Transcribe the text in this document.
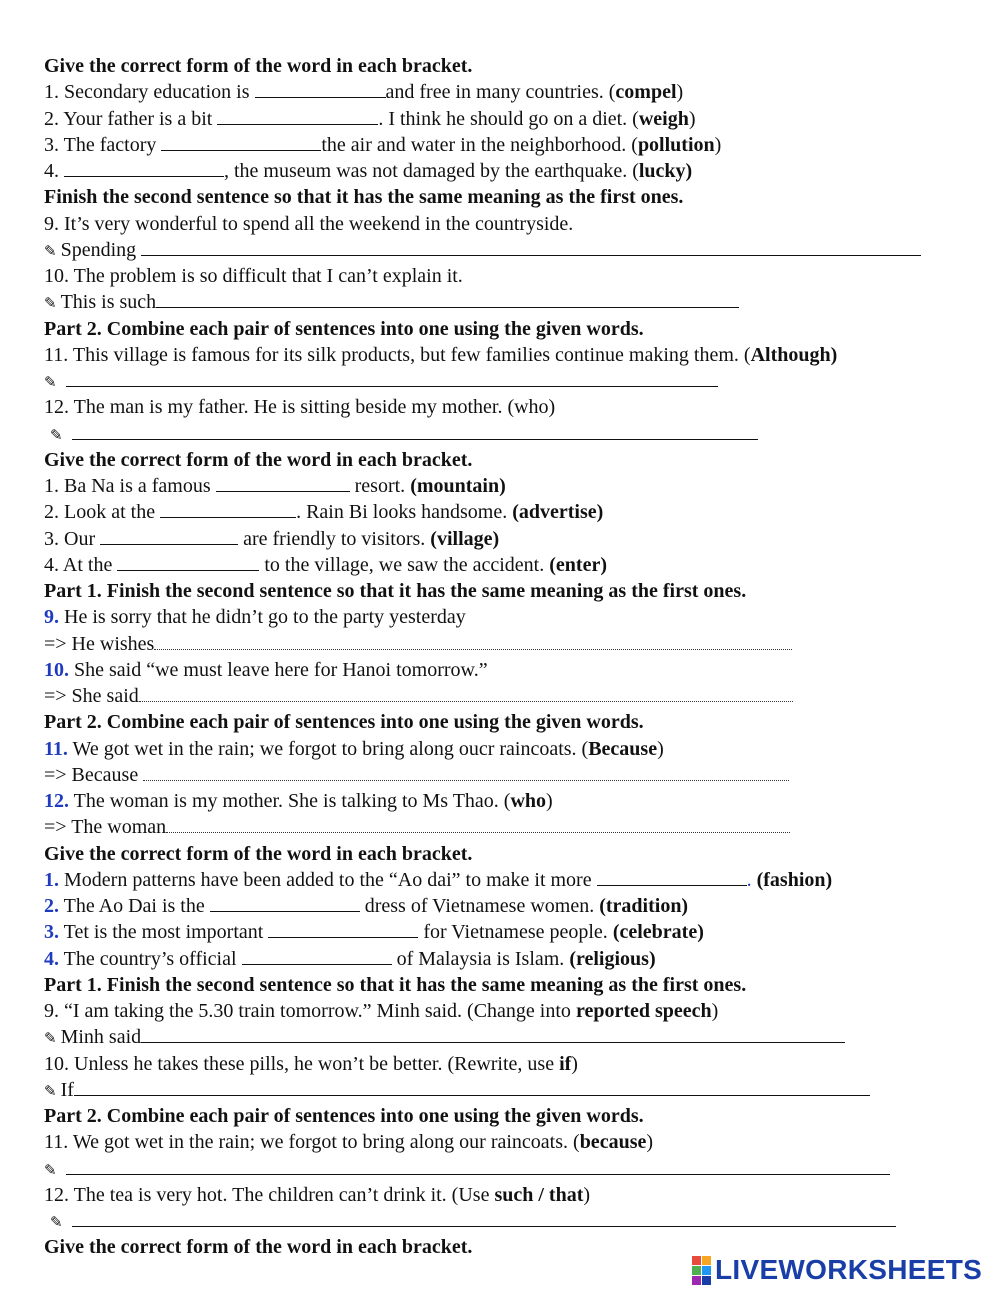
Give the correct form of the word in each bracket.
1. Secondary education is	and free in many countries. (compel)
2. Your father is a bit	. I think he should go on a diet. (weigh)
3. The factory	the air and water in the neighborhood. (pollution)
4.	, the museum was not damaged by the earthquake. (lucky)
Finish the second sentence so that it has the same meaning as the first ones.
9. It’s very wonderful to spend all the weekend in the countryside.
✎ Spending
10. The problem is so difficult that I can’t explain it.
✎ This is such
Part 2. Combine each pair of sentences into one using the given words.
11. This village is famous for its silk products, but few families continue making them. (Although)
✎
12. The man is my father. He is sitting beside my mother. (who)
✎
Give the correct form of the word in each bracket.
1. Ba Na is a famous	resort. (mountain)
2. Look at the	. Rain Bi looks handsome. (advertise)
3. Our	are friendly to visitors. (village)
4. At the	to the village, we saw the accident. (enter)
Part 1. Finish the second sentence so that it has the same meaning as the first ones.
9. He is sorry that he didn’t go to the party yesterday
=> He wishes
10. She said “we must leave here for Hanoi tomorrow.”
=> She said
Part 2. Combine each pair of sentences into one using the given words.
11. We got wet in the rain; we forgot to bring along oucr raincoats. (Because)
=> Because
12. The woman is my mother. She is talking to Ms Thao. (who)
=> The woman
Give the correct form of the word in each bracket.
1. Modern patterns have been added to the “Ao dai” to make it more	. (fashion)
2. The Ao Dai is the	dress of Vietnamese women. (tradition)
3. Tet is the most important	for Vietnamese people. (celebrate)
4. The country’s official	of Malaysia is Islam. (religious)
Part 1. Finish the second sentence so that it has the same meaning as the first ones.
9. “I am taking the 5.30 train tomorrow.” Minh said. (Change into reported speech)
✎ Minh said
10. Unless he takes these pills, he won’t be better. (Rewrite, use if)
✎ If
Part 2. Combine each pair of sentences into one using the given words.
11. We got wet in the rain; we forgot to bring along our raincoats. (because)
✎
12. The tea is very hot. The children can’t drink it. (Use such / that)
✎
Give the correct form of the word in each bracket.
LIVEWORKSHEETS
